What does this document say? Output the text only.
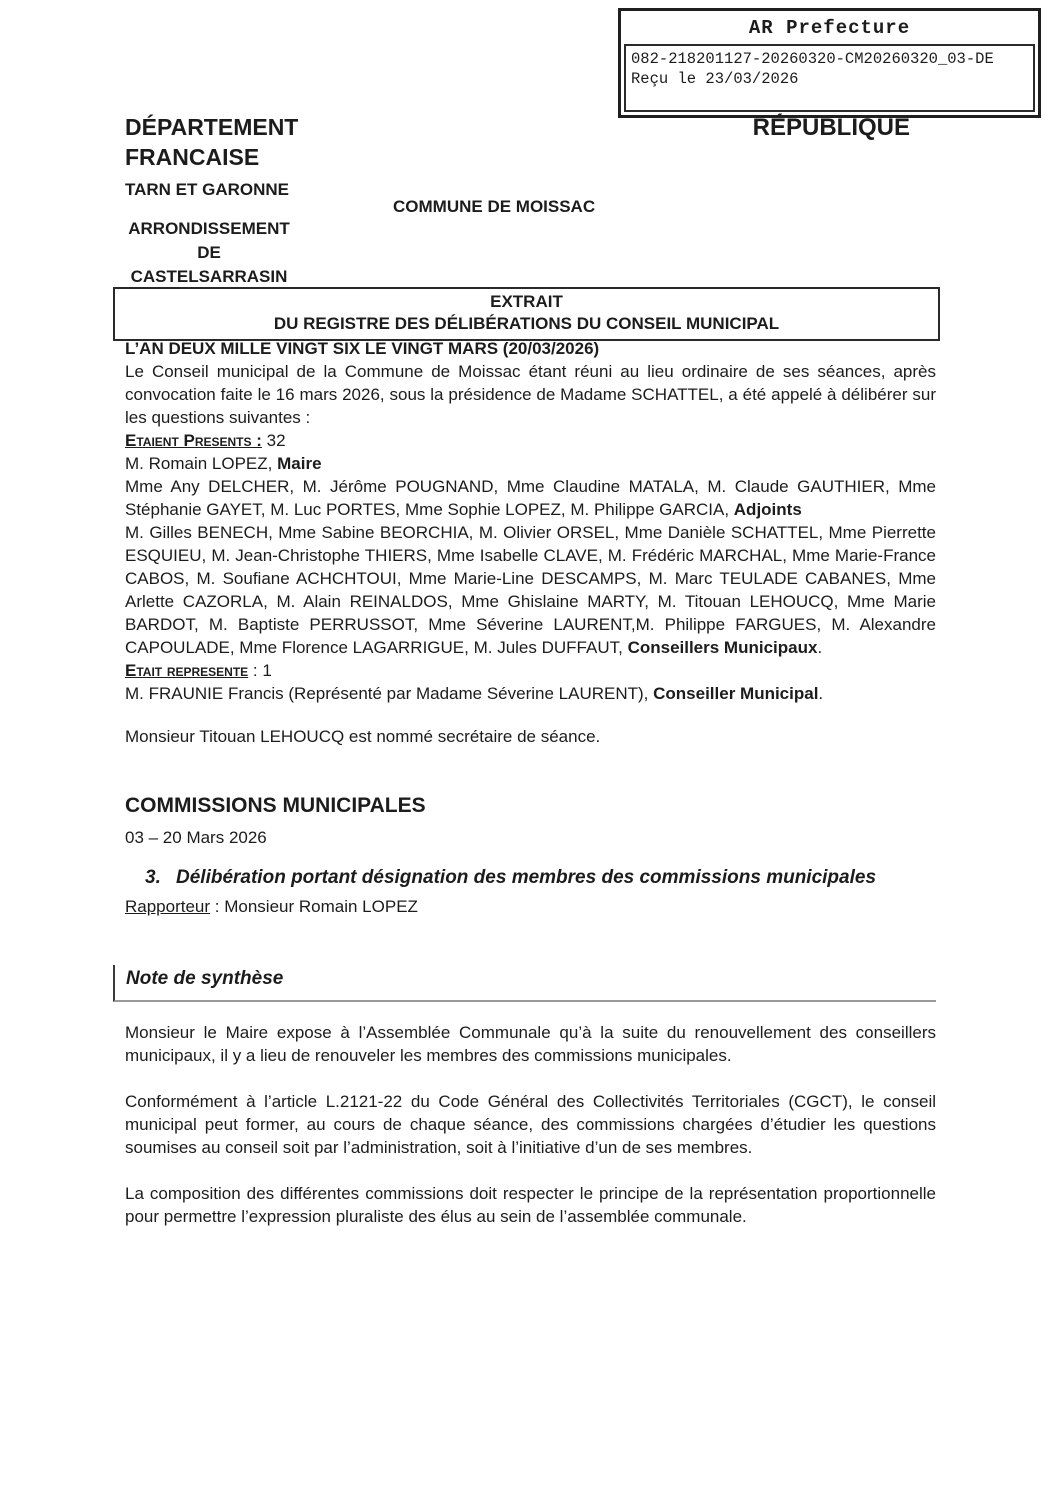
AR Prefecture
082-218201127-20260320-CM20260320_03-DE
Reçu le 23/03/2026
DÉPARTEMENT
FRANCAISE
TARN ET GARONNE
COMMUNE DE MOISSAC
RÉPUBLIQUE
ARRONDISSEMENT
DE
CASTELSARRASIN
EXTRAIT
DU REGISTRE DES DÉLIBÉRATIONS DU CONSEIL MUNICIPAL

L’AN DEUX MILLE VINGT SIX LE VINGT MARS (20/03/2026)

Le Conseil municipal de la Commune de Moissac étant réuni au lieu ordinaire de ses séances, après convocation faite le 16 mars 2026, sous la présidence de Madame SCHATTEL, a été appelé à délibérer sur les questions suivantes :

Etaient Presents : 32

M. Romain LOPEZ, Maire

Mme Any DELCHER, M. Jérôme POUGNAND, Mme Claudine MATALA, M. Claude GAUTHIER, Mme Stéphanie GAYET, M. Luc PORTES, Mme Sophie LOPEZ, M. Philippe GARCIA, Adjoints

M. Gilles BENECH, Mme Sabine BEORCHIA, M. Olivier ORSEL, Mme Danièle SCHATTEL, Mme Pierrette ESQUIEU, M. Jean-Christophe THIERS, Mme Isabelle CLAVE, M. Frédéric MARCHAL, Mme Marie-France CABOS, M. Soufiane ACHCHTOUI, Mme Marie-Line DESCAMPS, M. Marc TEULADE CABANES, Mme Arlette CAZORLA, M. Alain REINALDOS, Mme Ghislaine MARTY, M. Titouan LEHOUCQ, Mme Marie BARDOT, M. Baptiste PERRUSSOT, Mme Séverine LAURENT,M. Philippe FARGUES, M. Alexandre CAPOULADE, Mme Florence LAGARRIGUE, M. Jules DUFFAUT, Conseillers Municipaux.

Etait represente : 1

M. FRAUNIE Francis (Représenté par Madame Séverine LAURENT), Conseiller Municipal.

Monsieur Titouan LEHOUCQ est nommé secrétaire de séance.

COMMISSIONS MUNICIPALES

03 – 20 Mars 2026

3. Délibération portant désignation des membres des commissions municipales

Rapporteur : Monsieur Romain LOPEZ

Note de synthèse

Monsieur le Maire expose à l’Assemblée Communale qu’à la suite du renouvellement des conseillers municipaux, il y a lieu de renouveler les membres des commissions municipales.

Conformément à l’article L.2121-22 du Code Général des Collectivités Territoriales (CGCT), le conseil municipal peut former, au cours de chaque séance, des commissions chargées d’étudier les questions soumises au conseil soit par l’administration, soit à l’initiative d’un de ses membres.

La composition des différentes commissions doit respecter le principe de la représentation proportionnelle pour permettre l’expression pluraliste des élus au sein de l’assemblée communale.
